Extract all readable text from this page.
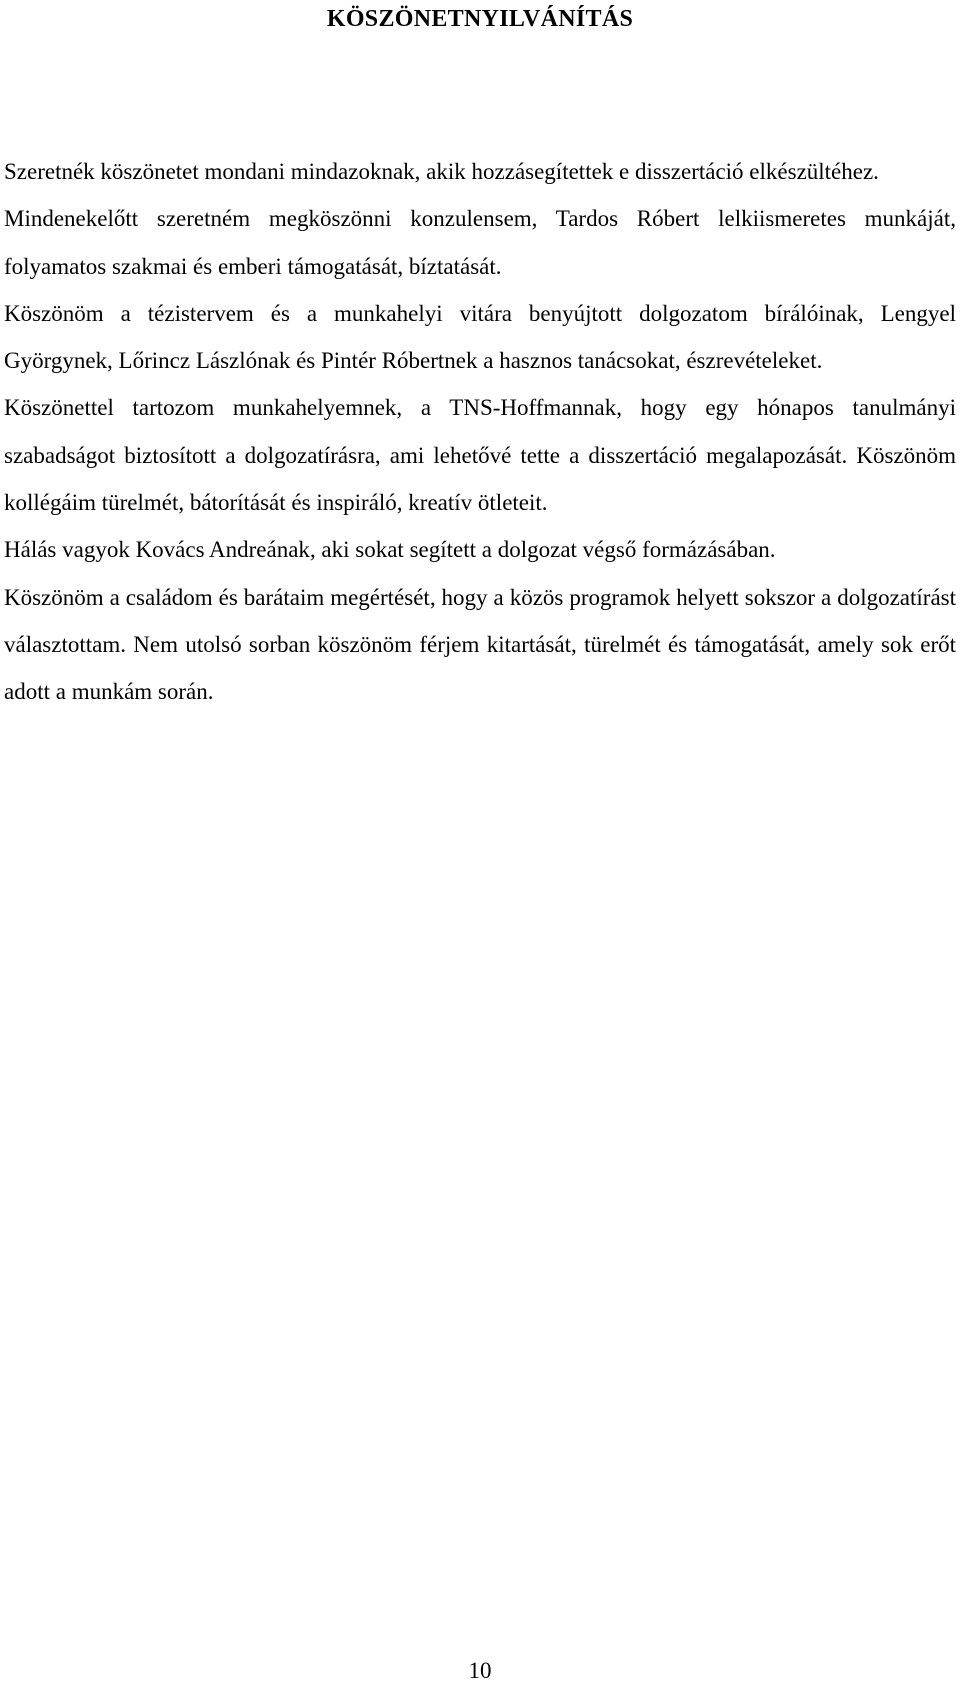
KÖSZÖNETNYILVÁNÍTÁS

Szeretnék köszönetet mondani mindazoknak, akik hozzásegítettek e disszertáció elkészültéhez.

Mindenekelőtt szeretném megköszönni konzulensem, Tardos Róbert lelkiismeretes munkáját, folyamatos szakmai és emberi támogatását, bíztatását.

Köszönöm a tézistervem és a munkahelyi vitára benyújtott dolgozatom bírálóinak, Lengyel Györgynek, Lőrincz Lászlónak és Pintér Róbertnek a hasznos tanácsokat, észrevételeket.

Köszönettel tartozom munkahelyemnek, a TNS-Hoffmannak, hogy egy hónapos tanulmányi szabadságot biztosított a dolgozatírásra, ami lehetővé tette a disszertáció megalapozását. Köszönöm kollégáim türelmét, bátorítását és inspiráló, kreatív ötleteit.

Hálás vagyok Kovács Andreának, aki sokat segített a dolgozat végső formázásában.

Köszönöm a családom és barátaim megértését, hogy a közös programok helyett sokszor a dolgozatírást választottam. Nem utolsó sorban köszönöm férjem kitartását, türelmét és támogatását, amely sok erőt adott a munkám során.

10
